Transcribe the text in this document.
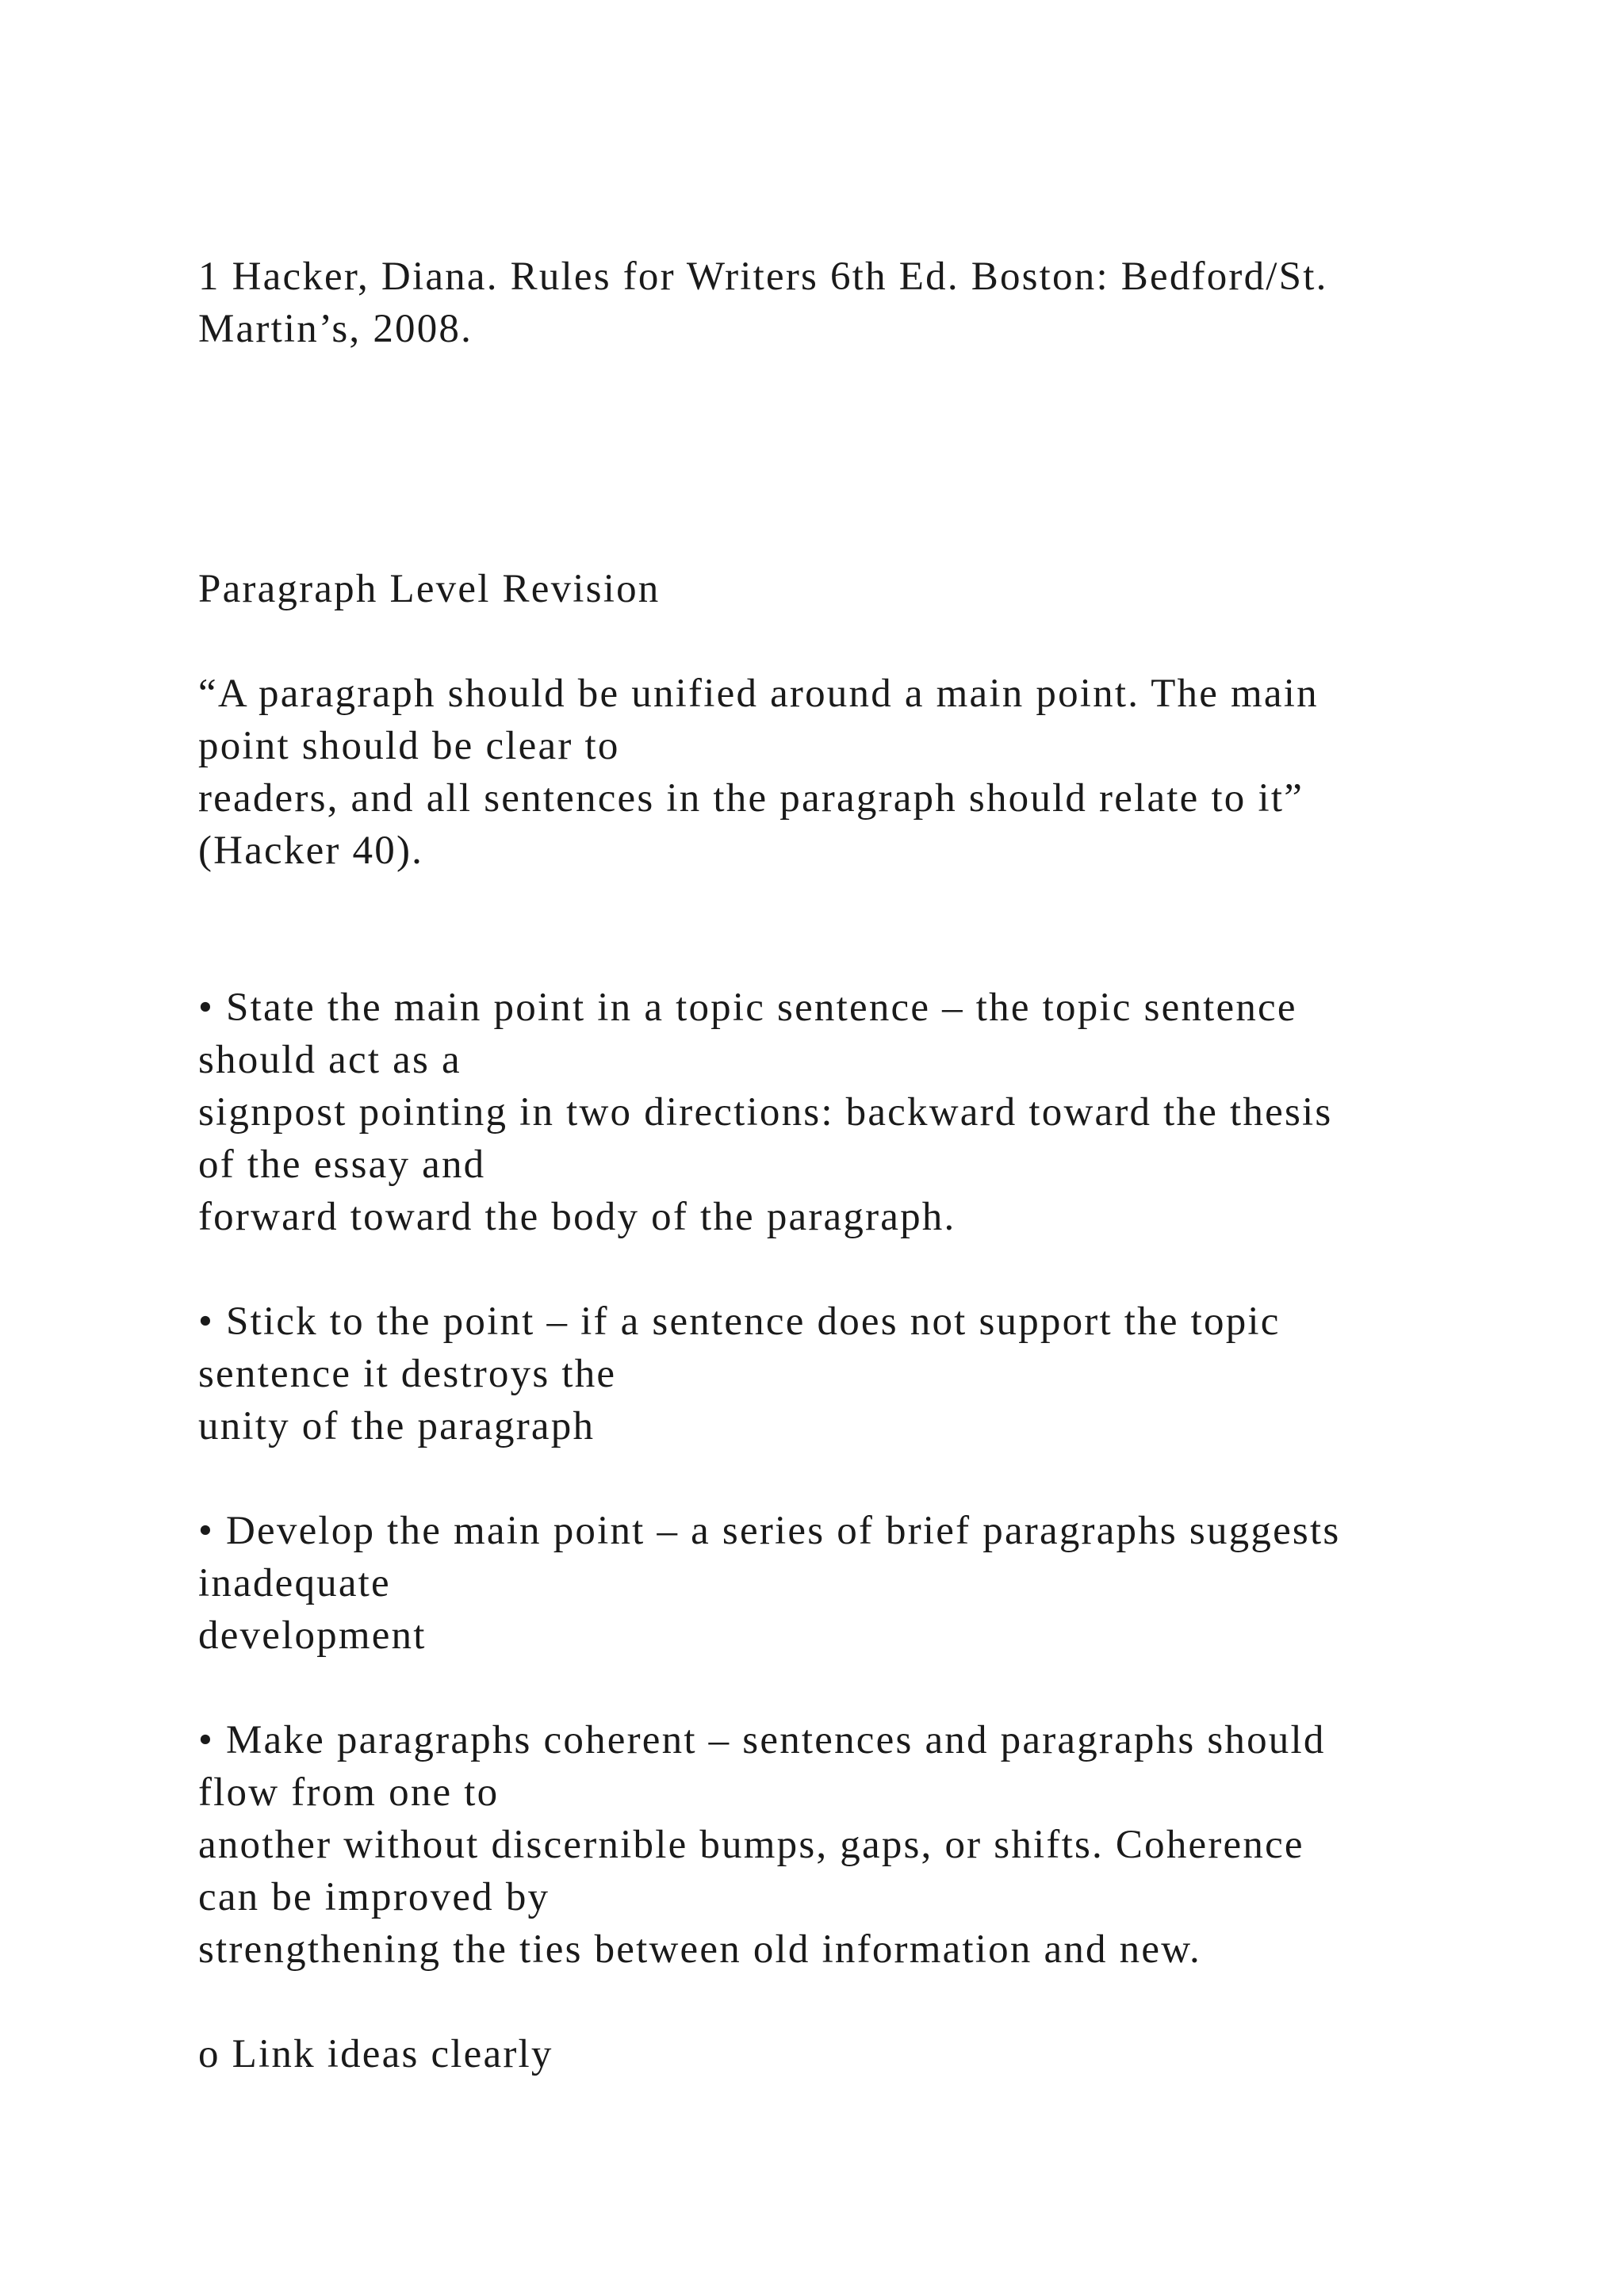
1 Hacker, Diana. Rules for Writers 6th Ed. Boston: Bedford/St.

Martin’s, 2008.

Paragraph Level Revision

“A paragraph should be unified around a main point. The main

point should be clear to

readers, and all sentences in the paragraph should relate to it”

(Hacker 40).

• State the main point in a topic sentence – the topic sentence

should act as a

signpost pointing in two directions: backward toward the thesis

of the essay and

forward toward the body of the paragraph.

• Stick to the point – if a sentence does not support the topic

sentence it destroys the

unity of the paragraph

• Develop the main point – a series of brief paragraphs suggests

inadequate

development

• Make paragraphs coherent – sentences and paragraphs should

flow from one to

another without discernible bumps, gaps, or shifts. Coherence

can be improved by

strengthening the ties between old information and new.

o Link ideas clearly
